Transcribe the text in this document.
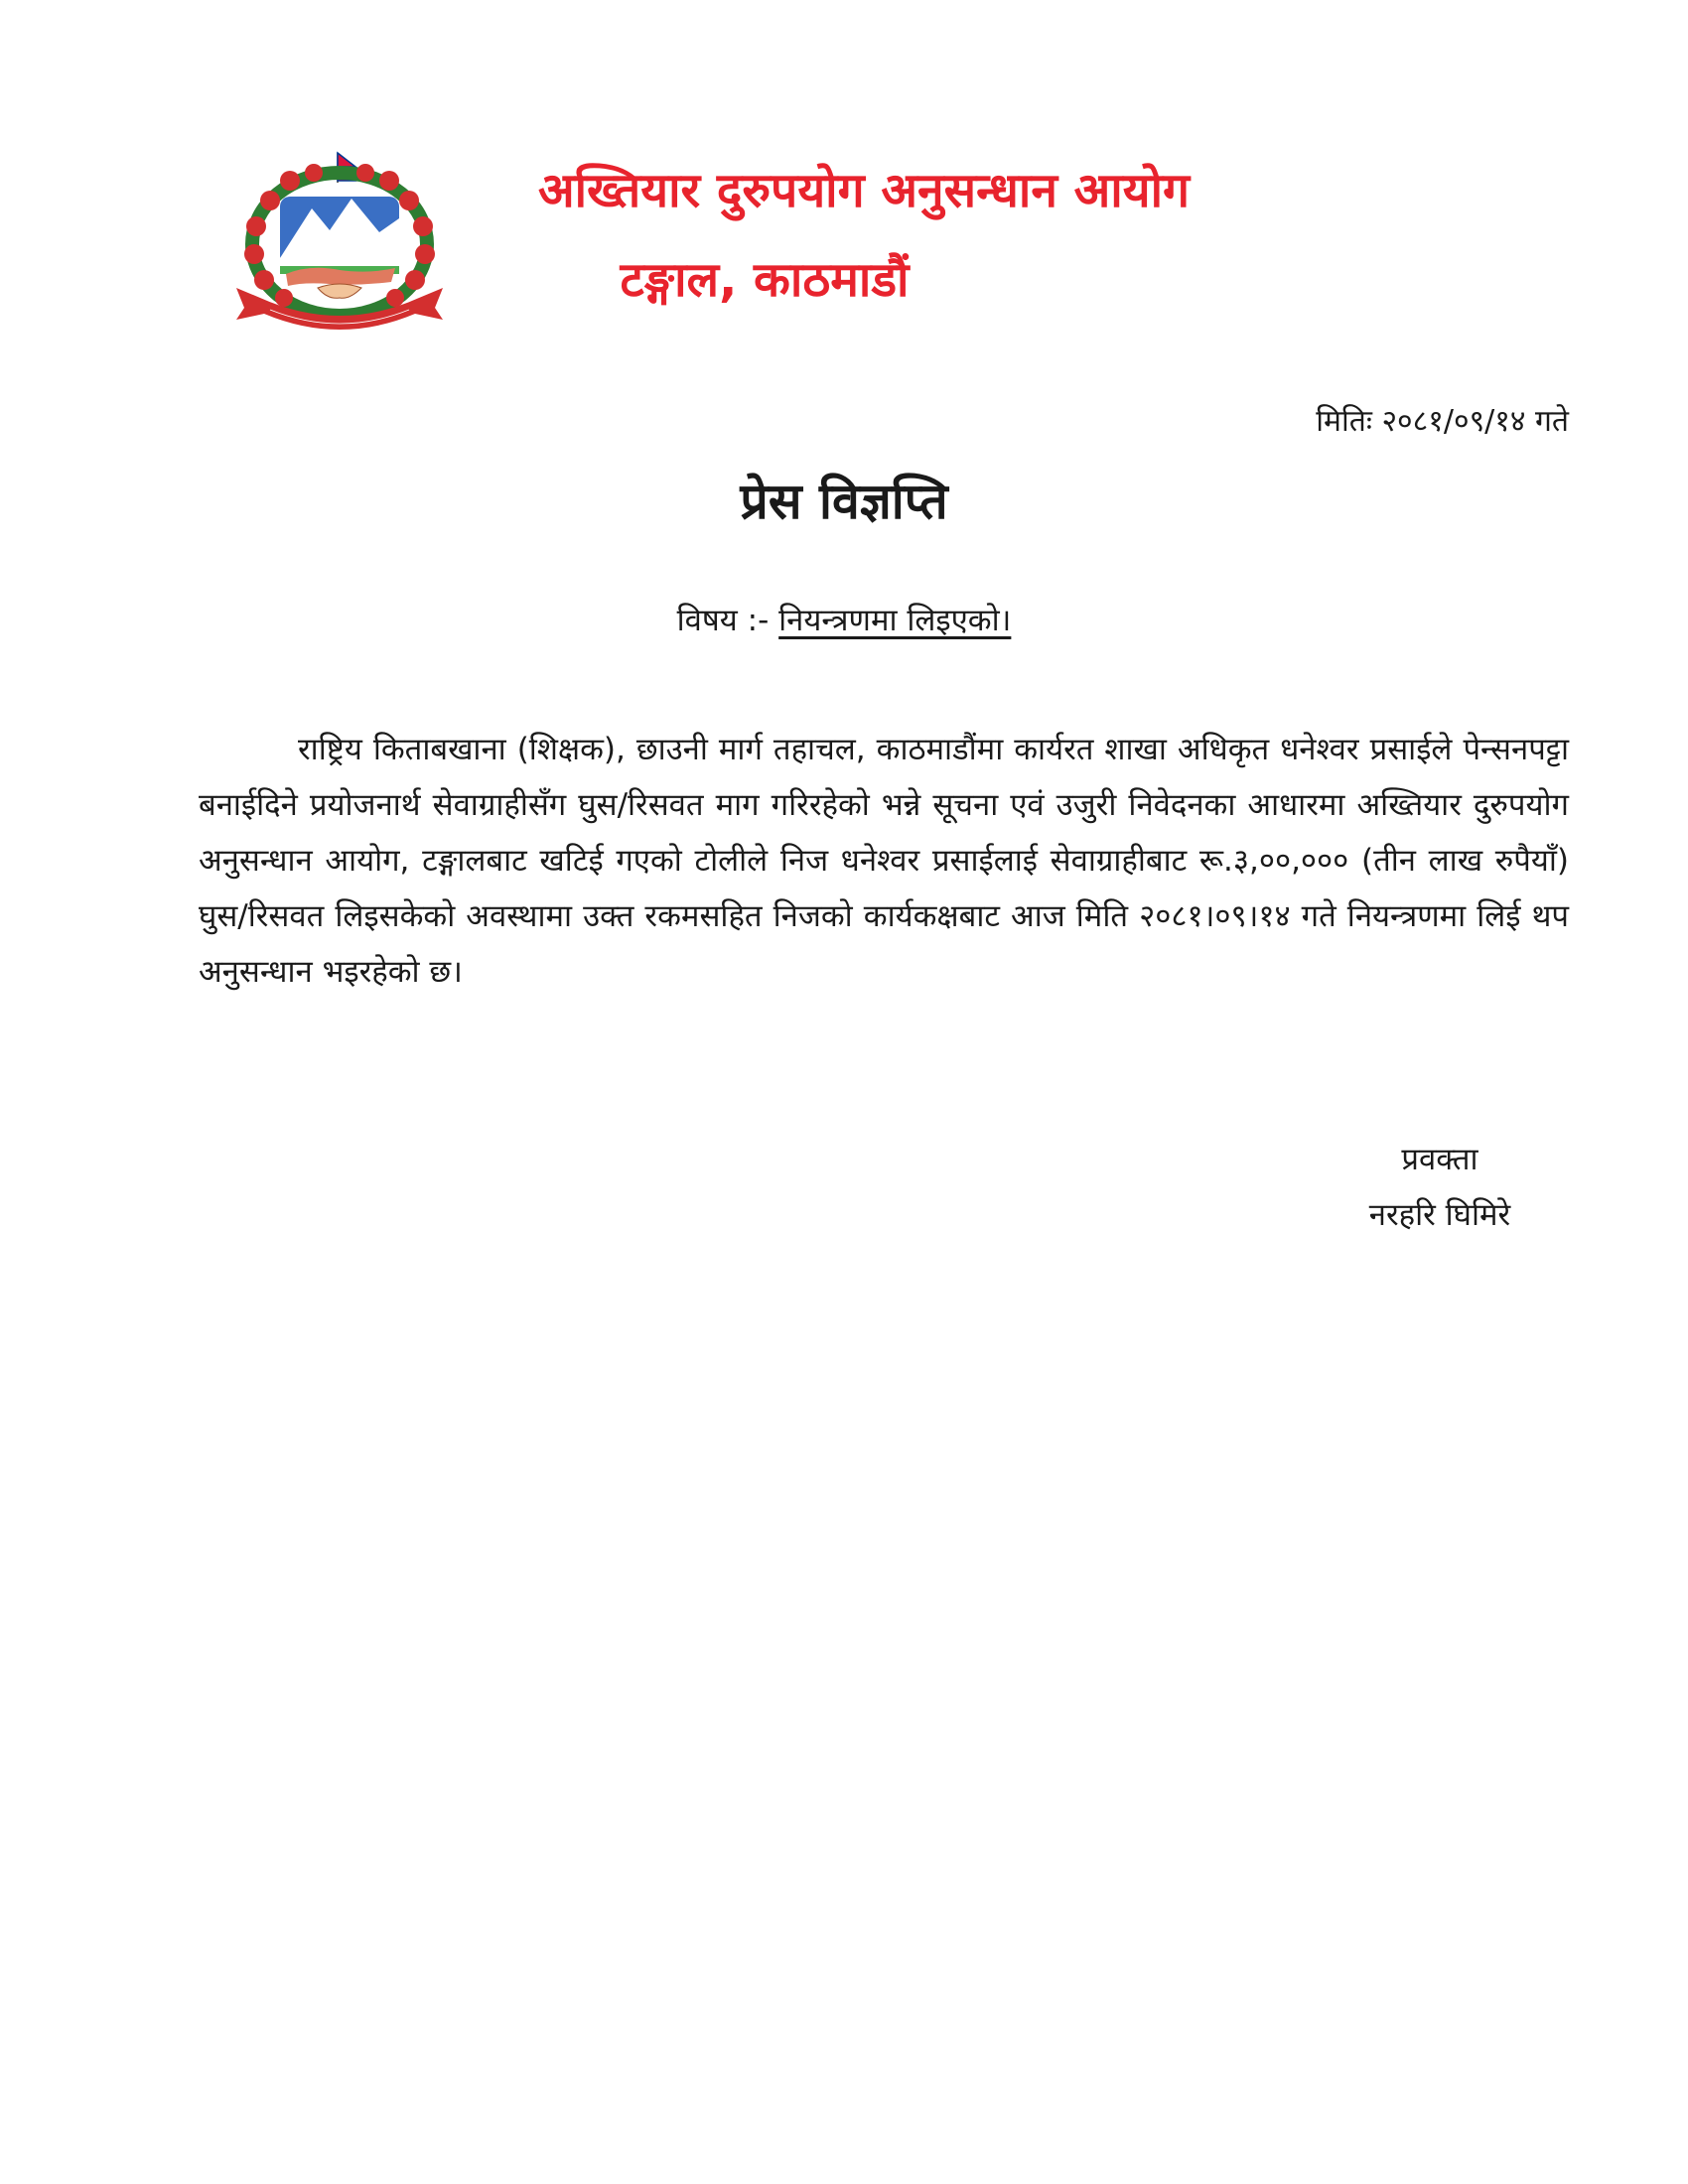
अख्तियार दुरुपयोग अनुसन्धान आयोग
टङ्गाल, काठमाडौं
मितिः २०८१/०९/१४ गते
प्रेस विज्ञप्ति
विषय :- नियन्त्रणमा लिइएको।

राष्ट्रिय किताबखाना (शिक्षक), छाउनी मार्ग तहाचल, काठमाडौंमा कार्यरत शाखा अधिकृत धनेश्वर प्रसाईले पेन्सनपट्टा बनाईदिने प्रयोजनार्थ सेवाग्राहीसँग घुस/रिसवत माग गरिरहेको भन्ने सूचना एवं उजुरी निवेदनका आधारमा अख्तियार दुरुपयोग अनुसन्धान आयोग, टङ्गालबाट खटिई गएको टोलीले निज धनेश्वर प्रसाईलाई सेवाग्राहीबाट रू.३,००,००० (तीन लाख रुपैयाँ) घुस/रिसवत लिइसकेको अवस्थामा उक्त रकमसहित निजको कार्यकक्षबाट आज मिति २०८१।०९।१४ गते नियन्त्रणमा लिई थप अनुसन्धान भइरहेको छ।

प्रवक्ता
नरहरि घिमिरे
